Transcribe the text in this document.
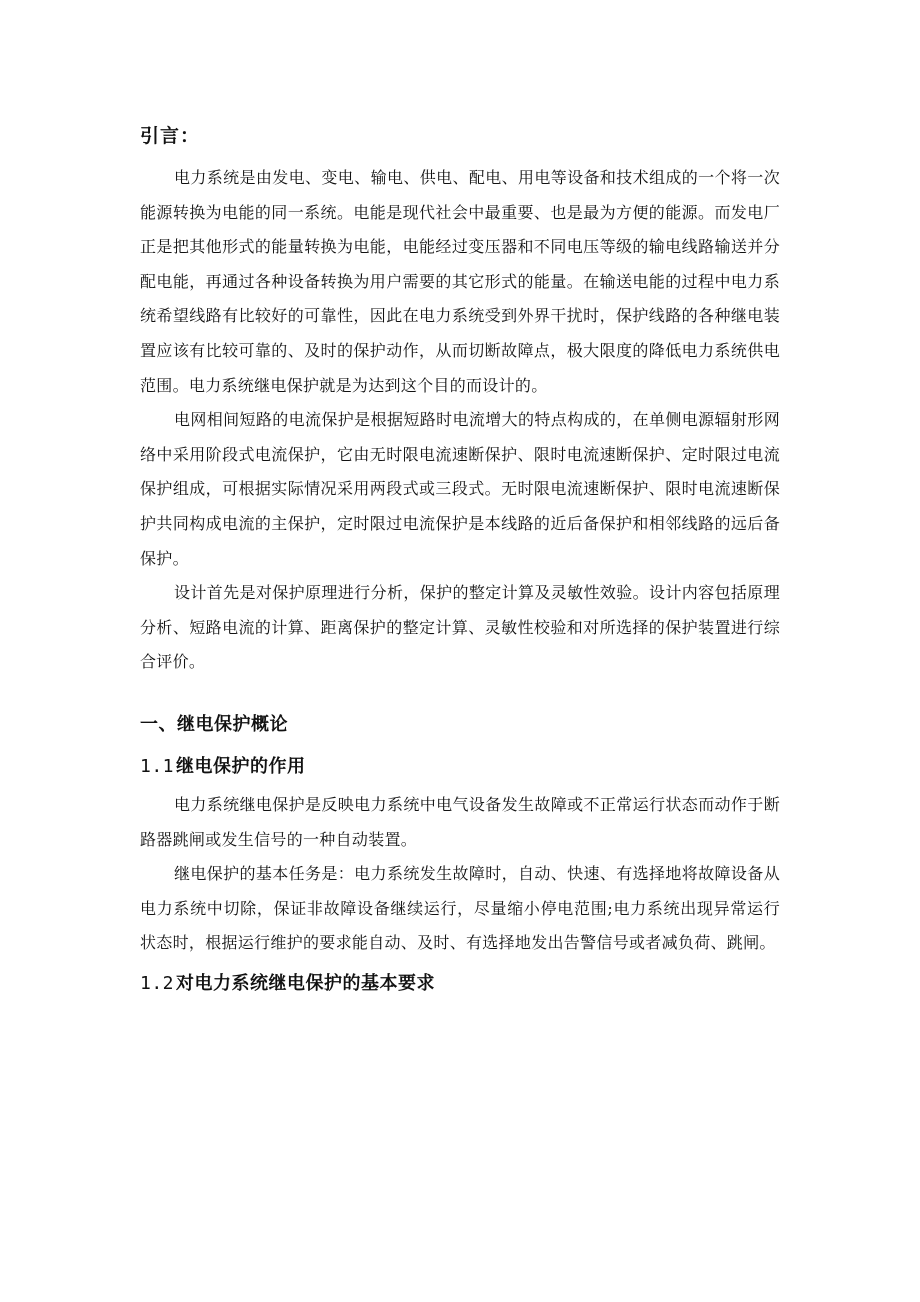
引言：

电力系统是由发电、变电、输电、供电、配电、用电等设备和技术组成的一个将一次能源转换为电能的同一系统。电能是现代社会中最重要、也是最为方便的能源。而发电厂正是把其他形式的能量转换为电能，电能经过变压器和不同电压等级的输电线路输送并分配电能，再通过各种设备转换为用户需要的其它形式的能量。在输送电能的过程中电力系统希望线路有比较好的可靠性，因此在电力系统受到外界干扰时，保护线路的各种继电装置应该有比较可靠的、及时的保护动作，从而切断故障点，极大限度的降低电力系统供电范围。电力系统继电保护就是为达到这个目的而设计的。

电网相间短路的电流保护是根据短路时电流增大的特点构成的，在单侧电源辐射形网络中采用阶段式电流保护，它由无时限电流速断保护、限时电流速断保护、定时限过电流保护组成，可根据实际情况采用两段式或三段式。无时限电流速断保护、限时电流速断保护共同构成电流的主保护，定时限过电流保护是本线路的近后备保护和相邻线路的远后备保护。

设计首先是对保护原理进行分析，保护的整定计算及灵敏性效验。设计内容包括原理分析、短路电流的计算、距离保护的整定计算、灵敏性校验和对所选择的保护装置进行综合评价。

一、继电保护概论
1.1 继电保护的作用

电力系统继电保护是反映电力系统中电气设备发生故障或不正常运行状态而动作于断路器跳闸或发生信号的一种自动装置。

继电保护的基本任务是：电力系统发生故障时，自动、快速、有选择地将故障设备从电力系统中切除，保证非故障设备继续运行，尽量缩小停电范围;电力系统出现异常运行状态时，根据运行维护的要求能自动、及时、有选择地发出告警信号或者减负荷、跳闸。

1.2 对电力系统继电保护的基本要求
